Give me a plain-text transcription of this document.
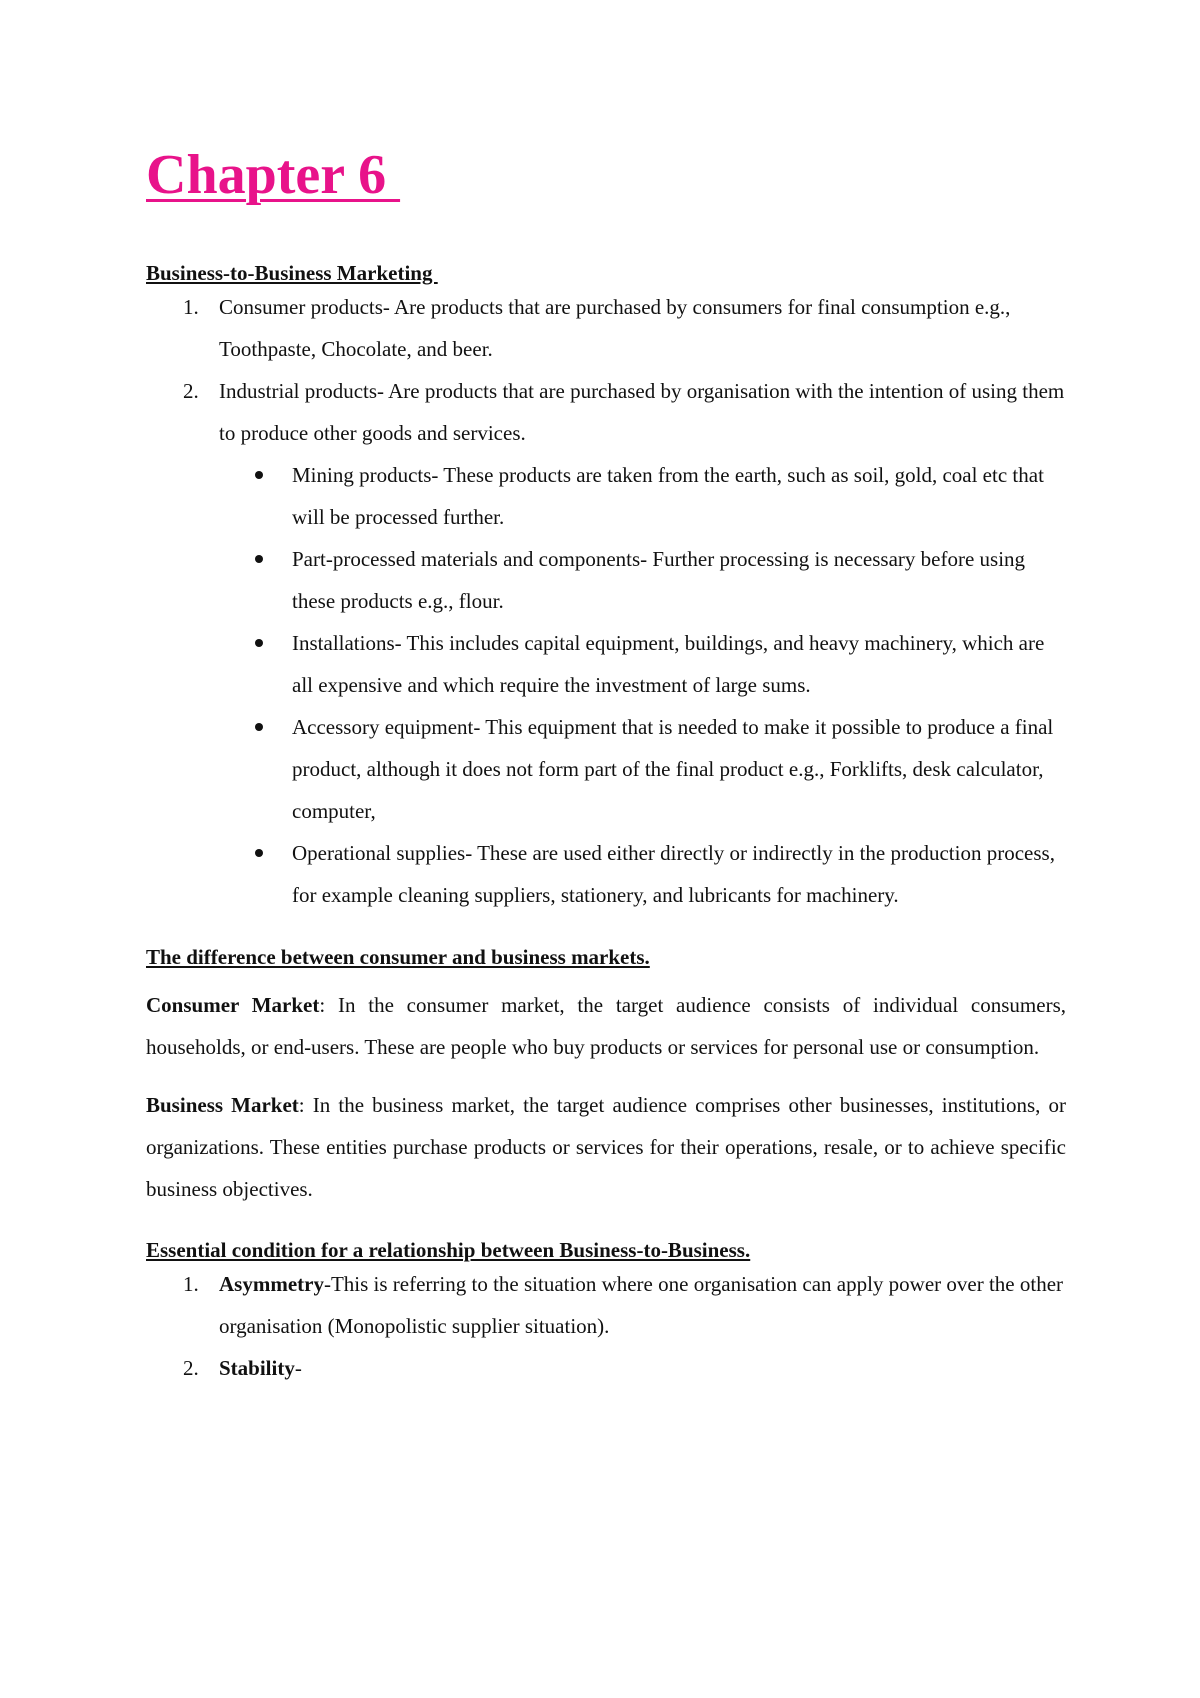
Chapter 6
Business-to-Business Marketing
1. Consumer products- Are products that are purchased by consumers for final consumption e.g., Toothpaste, Chocolate, and beer.
2. Industrial products- Are products that are purchased by organisation with the intention of using them to produce other goods and services.
Mining products- These products are taken from the earth, such as soil, gold, coal etc that will be processed further.
Part-processed materials and components- Further processing is necessary before using these products e.g., flour.
Installations- This includes capital equipment, buildings, and heavy machinery, which are all expensive and which require the investment of large sums.
Accessory equipment- This equipment that is needed to make it possible to produce a final product, although it does not form part of the final product e.g., Forklifts, desk calculator, computer,
Operational supplies- These are used either directly or indirectly in the production process, for example cleaning suppliers, stationery, and lubricants for machinery.
The difference between consumer and business markets.

Consumer Market: In the consumer market, the target audience consists of individual consumers, households, or end-users. These are people who buy products or services for personal use or consumption.

Business Market: In the business market, the target audience comprises other businesses, institutions, or organizations. These entities purchase products or services for their operations, resale, or to achieve specific business objectives.

Essential condition for a relationship between Business-to-Business.
1. Asymmetry-This is referring to the situation where one organisation can apply power over the other organisation (Monopolistic supplier situation).
2. Stability-
